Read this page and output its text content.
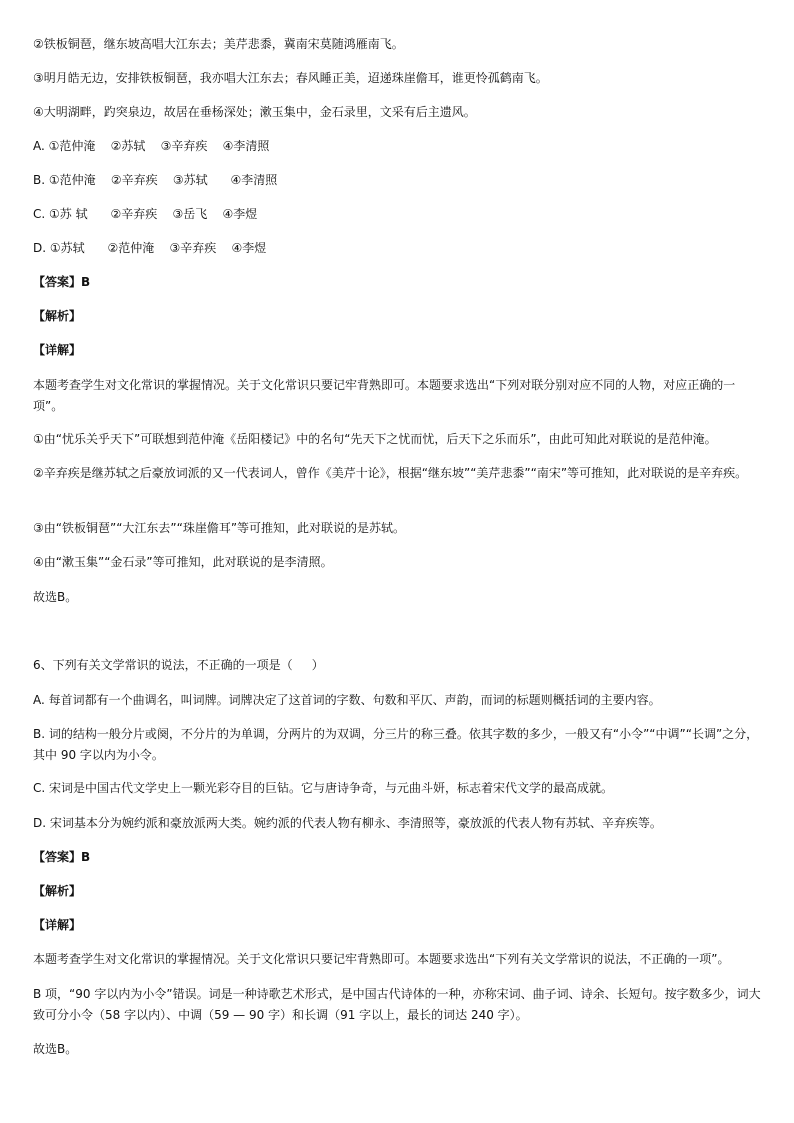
②铁板铜琶，继东坡高唱大江东去；美芹悲黍，冀南宋莫随鸿雁南飞。
③明月皓无边，安排铁板铜琶，我亦唱大江东去；春风睡正美，迢递珠崖儋耳，谁更怜孤鹤南飞。
④大明湖畔，趵突泉边，故居在垂杨深处；漱玉集中，金石录里，文采有后主遗风。
A. ①范仲淹    ②苏轼    ③辛弃疾    ④李清照
B. ①范仲淹    ②辛弃疾    ③苏轼      ④李清照
C. ①苏 轼      ②辛弃疾    ③岳飞    ④李煜
D. ①苏轼      ②范仲淹    ③辛弃疾    ④李煜
【答案】B
【解析】
【详解】
本题考查学生对文化常识的掌握情况。关于文化常识只要记牢背熟即可。本题要求选出“下列对联分别对应不同的人物，对应正确的一项”。
①由“忧乐关乎天下”可联想到范仲淹《岳阳楼记》中的名句“先天下之忧而忧，后天下之乐而乐”，由此可知此对联说的是范仲淹。
②辛弃疾是继苏轼之后豪放词派的又一代表词人，曾作《美芹十论》，根据“继东坡”“美芹悲黍”“南宋”等可推知，此对联说的是辛弃疾。
③由“铁板铜琶”“大江东去”“珠崖儋耳”等可推知，此对联说的是苏轼。
④由“漱玉集”“金石录”等可推知，此对联说的是李清照。
故选B。
6、下列有关文学常识的说法，不正确的一项是（     ）
A. 每首词都有一个曲调名，叫词牌。词牌决定了这首词的字数、句数和平仄、声韵，而词的标题则概括词的主要内容。
B. 词的结构一般分片或阕，不分片的为单调，分两片的为双调，分三片的称三叠。依其字数的多少，一般又有“小令”“中调”“长调”之分，其中 90 字以内为小令。
C. 宋词是中国古代文学史上一颗光彩夺目的巨钻。它与唐诗争奇，与元曲斗妍，标志着宋代文学的最高成就。
D. 宋词基本分为婉约派和豪放派两大类。婉约派的代表人物有柳永、李清照等，豪放派的代表人物有苏轼、辛弃疾等。
【答案】B
【解析】
【详解】
本题考查学生对文化常识的掌握情况。关于文化常识只要记牢背熟即可。本题要求选出“下列有关文学常识的说法，不正确的一项”。
B 项，“90 字以内为小令”错误。词是一种诗歌艺术形式，是中国古代诗体的一种，亦称宋词、曲子词、诗余、长短句。按字数多少，词大致可分小令（58 字以内）、中调（59 — 90 字）和长调（91 字以上，最长的词达 240 字）。
故选B。
